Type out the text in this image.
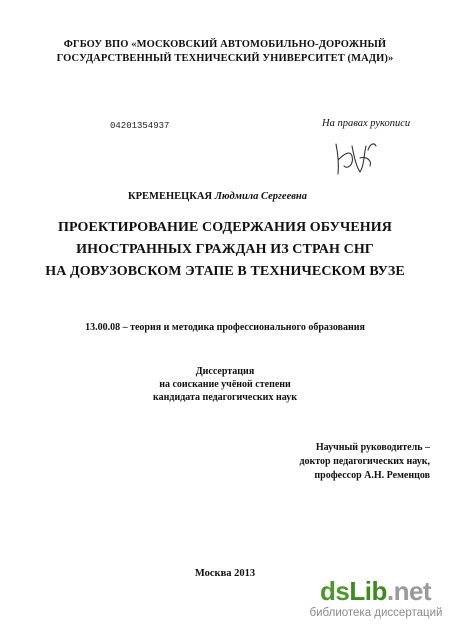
ФГБОУ ВПО «МОСКОВСКИЙ АВТОМОБИЛЬНО-ДОРОЖНЫЙ
ГОСУДАРСТВЕННЫЙ ТЕХНИЧЕСКИЙ УНИВЕРСИТЕТ (МАДИ)»
04201354937	На правах рукописи
КРЕМЕНЕЦКАЯ Людмила Сергеевна
ПРОЕКТИРОВАНИЕ СОДЕРЖАНИЯ ОБУЧЕНИЯ
ИНОСТРАННЫХ ГРАЖДАН ИЗ СТРАН СНГ
НА ДОВУЗОВСКОМ ЭТАПЕ В ТЕХНИЧЕСКОМ ВУЗЕ
13.00.08 – теория и методика профессионального образования
Диссертация
на соискание учёной степени
кандидата педагогических наук
Научный руководитель –
доктор педагогических наук,
профессор А.Н. Ременцов
Москва 2013
dsLib.net
библиотека диссертаций
